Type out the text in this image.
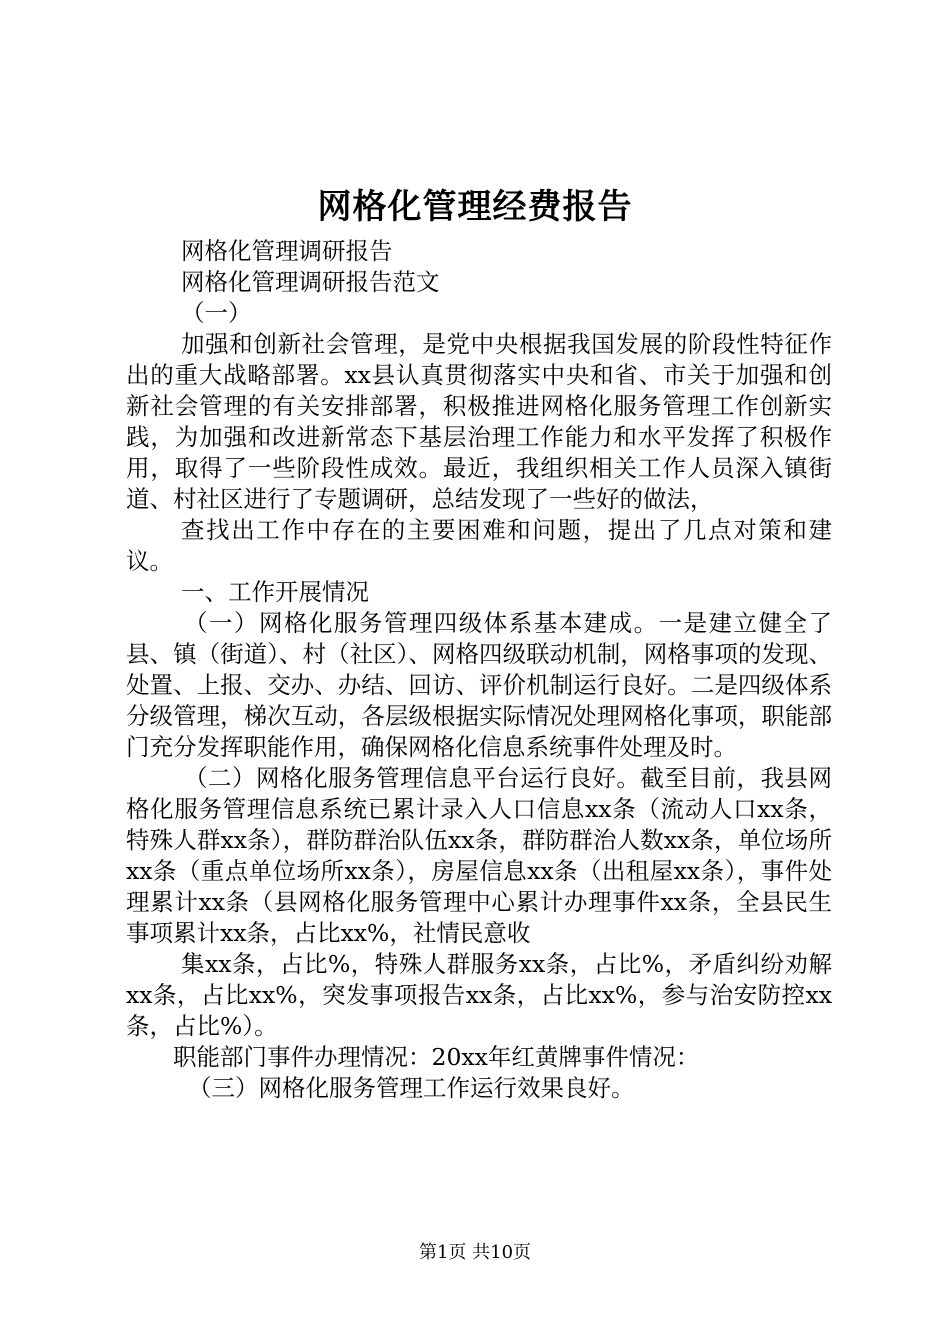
网格化管理经费报告

网格化管理调研报告

网格化管理调研报告范文

（一）

加强和创新社会管理，是党中央根据我国发展的阶段性特征作出的重大战略部署。xx县认真贯彻落实中央和省、市关于加强和创新社会管理的有关安排部署，积极推进网格化服务管理工作创新实践，为加强和改进新常态下基层治理工作能力和水平发挥了积极作用，取得了一些阶段性成效。最近，我组织相关工作人员深入镇街道、村社区进行了专题调研，总结发现了一些好的做法，

查找出工作中存在的主要困难和问题，提出了几点对策和建议。

一、工作开展情况

（一）网格化服务管理四级体系基本建成。一是建立健全了县、镇（街道）、村（社区）、网格四级联动机制，网格事项的发现、处置、上报、交办、办结、回访、评价机制运行良好。二是四级体系分级管理，梯次互动，各层级根据实际情况处理网格化事项，职能部门充分发挥职能作用，确保网格化信息系统事件处理及时。

（二）网格化服务管理信息平台运行良好。截至目前，我县网格化服务管理信息系统已累计录入人口信息xx条（流动人口xx条，特殊人群xx条），群防群治队伍xx条，群防群治人数xx条，单位场所xx条（重点单位场所xx条），房屋信息xx条（出租屋xx条），事件处理累计xx条（县网格化服务管理中心累计办理事件xx条，全县民生事项累计xx条，占比xx%，社情民意收

集xx条，占比%，特殊人群服务xx条，占比%，矛盾纠纷劝解xx条，占比xx%，突发事项报告xx条，占比xx%，参与治安防控xx条，占比%）。

职能部门事件办理情况：20xx年红黄牌事件情况：

（三）网格化服务管理工作运行效果良好。

第1页 共10页
